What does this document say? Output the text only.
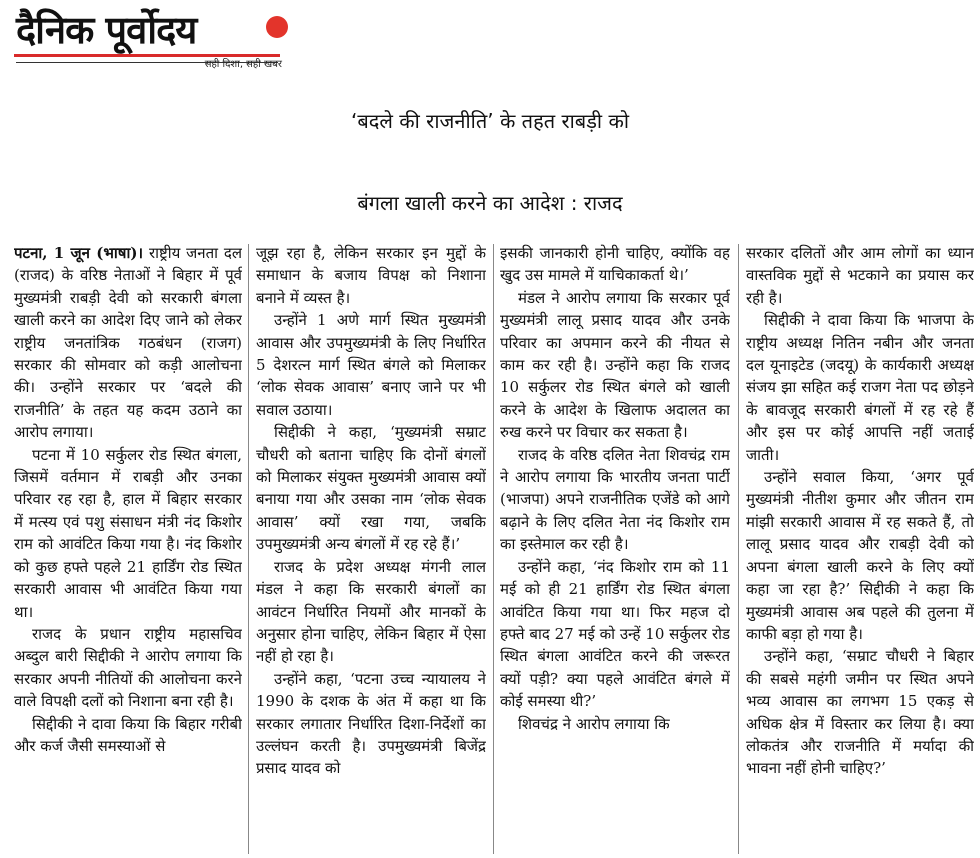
दैनिक पूर्वोदय
सही दिशा, सही खबर
‘बदले की राजनीति’ के तहत राबड़ी को
बंगला खाली करने का आदेश : राजद

पटना, 1 जून (भाषा)। राष्ट्रीय जनता दल (राजद) के वरिष्ठ नेताओं ने बिहार में पूर्व मुख्यमंत्री राबड़ी देवी को सरकारी बंगला खाली करने का आदेश दिए जाने को लेकर राष्ट्रीय जनतांत्रिक गठबंधन (राजग) सरकार की सोमवार को कड़ी आलोचना की। उन्होंने सरकार पर ‘बदले की राजनीति’ के तहत यह कदम उठाने का आरोप लगाया।

पटना में 10 सर्कुलर रोड स्थित बंगला, जिसमें वर्तमान में राबड़ी और उनका परिवार रह रहा है, हाल में बिहार सरकार में मत्स्य एवं पशु संसाधन मंत्री नंद किशोर राम को आवंटित किया गया है। नंद किशोर को कुछ हफ्ते पहले 21 हार्डिंग रोड स्थित सरकारी आवास भी आवंटित किया गया था।

राजद के प्रधान राष्ट्रीय महासचिव अब्दुल बारी सिद्दीकी ने आरोप लगाया कि सरकार अपनी नीतियों की आलोचना करने वाले विपक्षी दलों को निशाना बना रही है।

सिद्दीकी ने दावा किया कि बिहार गरीबी और कर्ज जैसी समस्याओं से

जूझ रहा है, लेकिन सरकार इन मुद्दों के समाधान के बजाय विपक्ष को निशाना बनाने में व्यस्त है।

उन्होंने 1 अणे मार्ग स्थित मुख्यमंत्री आवास और उपमुख्यमंत्री के लिए निर्धारित 5 देशरत्न मार्ग स्थित बंगले को मिलाकर ‘लोक सेवक आवास’ बनाए जाने पर भी सवाल उठाया।

सिद्दीकी ने कहा, ‘मुख्यमंत्री सम्राट चौधरी को बताना चाहिए कि दोनों बंगलों को मिलाकर संयुक्त मुख्यमंत्री आवास क्यों बनाया गया और उसका नाम ‘लोक सेवक आवास’ क्यों रखा गया, जबकि उपमुख्यमंत्री अन्य बंगलों में रह रहे हैं।’

राजद के प्रदेश अध्यक्ष मंगनी लाल मंडल ने कहा कि सरकारी बंगलों का आवंटन निर्धारित नियमों और मानकों के अनुसार होना चाहिए, लेकिन बिहार में ऐसा नहीं हो रहा है।

उन्होंने कहा, ‘पटना उच्च न्यायालय ने 1990 के दशक के अंत में कहा था कि सरकार लगातार निर्धारित दिशा-निर्देशों का उल्लंघन करती है। उपमुख्यमंत्री बिजेंद्र प्रसाद यादव को

इसकी जानकारी होनी चाहिए, क्योंकि वह खुद उस मामले में याचिकाकर्ता थे।’

मंडल ने आरोप लगाया कि सरकार पूर्व मुख्यमंत्री लालू प्रसाद यादव और उनके परिवार का अपमान करने की नीयत से काम कर रही है। उन्होंने कहा कि राजद 10 सर्कुलर रोड स्थित बंगले को खाली करने के आदेश के खिलाफ अदालत का रुख करने पर विचार कर सकता है।

राजद के वरिष्ठ दलित नेता शिवचंद्र राम ने आरोप लगाया कि भारतीय जनता पार्टी (भाजपा) अपने राजनीतिक एजेंडे को आगे बढ़ाने के लिए दलित नेता नंद किशोर राम का इस्तेमाल कर रही है।

उन्होंने कहा, ‘नंद किशोर राम को 11 मई को ही 21 हार्डिंग रोड स्थित बंगला आवंटित किया गया था। फिर महज दो हफ्ते बाद 27 मई को उन्हें 10 सर्कुलर रोड स्थित बंगला आवंटित करने की जरूरत क्यों पड़ी? क्या पहले आवंटित बंगले में कोई समस्या थी?’

शिवचंद्र ने आरोप लगाया कि

सरकार दलितों और आम लोगों का ध्यान वास्तविक मुद्दों से भटकाने का प्रयास कर रही है।

सिद्दीकी ने दावा किया कि भाजपा के राष्ट्रीय अध्यक्ष नितिन नबीन और जनता दल यूनाइटेड (जदयू) के कार्यकारी अध्यक्ष संजय झा सहित कई राजग नेता पद छोड़ने के बावजूद सरकारी बंगलों में रह रहे हैं और इस पर कोई आपत्ति नहीं जताई जाती।

उन्होंने सवाल किया, ‘अगर पूर्व मुख्यमंत्री नीतीश कुमार और जीतन राम मांझी सरकारी आवास में रह सकते हैं, तो लालू प्रसाद यादव और राबड़ी देवी को अपना बंगला खाली करने के लिए क्यों कहा जा रहा है?’ सिद्दीकी ने कहा कि मुख्यमंत्री आवास अब पहले की तुलना में काफी बड़ा हो गया है।

उन्होंने कहा, ‘सम्राट चौधरी ने बिहार की सबसे महंगी जमीन पर स्थित अपने भव्य आवास का लगभग 15 एकड़ से अधिक क्षेत्र में विस्तार कर लिया है। क्या लोकतंत्र और राजनीति में मर्यादा की भावना नहीं होनी चाहिए?’
